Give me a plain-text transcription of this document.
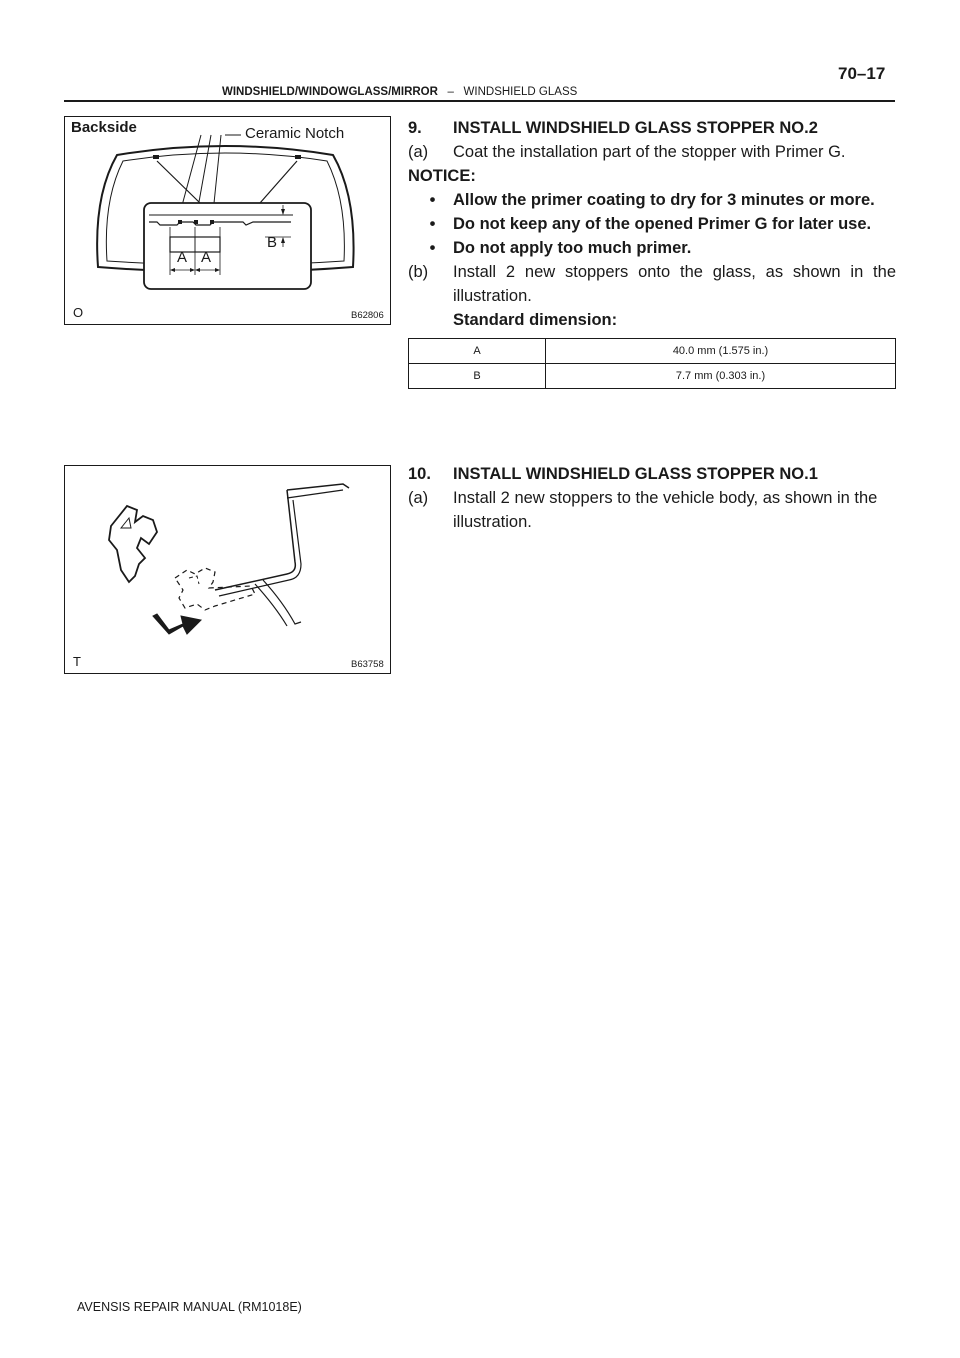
70–17
WINDSHIELD/WINDOWGLASS/MIRROR – WINDSHIELD GLASS
Backside	Ceramic Notch
A A
B
O	B62806
T	B63758
9.	INSTALL WINDSHIELD GLASS STOPPER NO.2
(a)	Coat the installation part of the stopper with Primer G.
NOTICE:
•	Allow the primer coating to dry for 3 minutes or more.
•	Do not keep any of the opened Primer G for later use.
•	Do not apply too much primer.
(b)	Install 2 new stoppers onto the glass, as shown in the illustration.
Standard dimension:
A	40.0 mm (1.575 in.)
B	7.7 mm (0.303 in.)
10.	INSTALL WINDSHIELD GLASS STOPPER NO.1
(a)	Install 2 new stoppers to the vehicle body, as shown in the illustration.
AVENSIS REPAIR MANUAL (RM1018E)
